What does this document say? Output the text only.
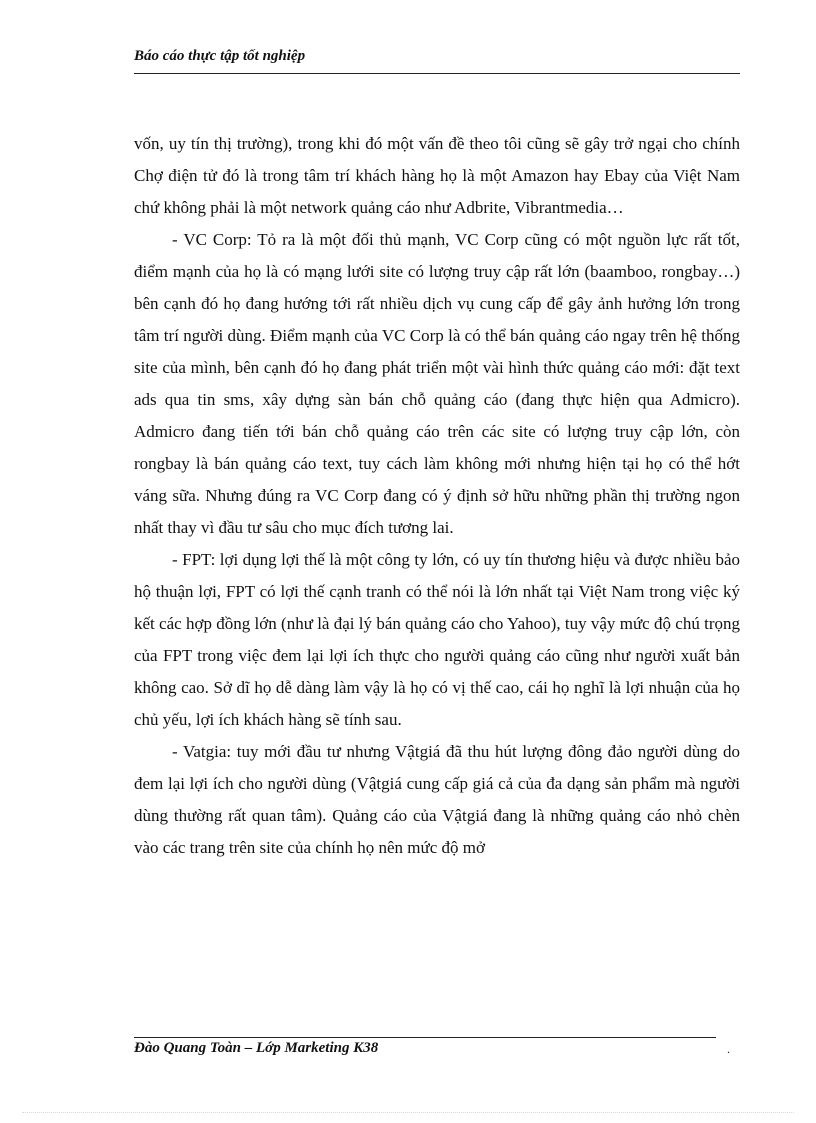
Báo cáo thực tập tốt nghiệp

vốn, uy tín thị trường), trong khi đó một vấn đề theo tôi cũng sẽ gây trở ngại cho chính Chợ điện tử đó là trong tâm trí khách hàng họ là một Amazon hay Ebay của Việt Nam chứ không phải là một network quảng cáo như Adbrite, Vibrantmedia…

- VC Corp: Tỏ ra là một đối thủ mạnh, VC Corp cũng có một nguồn lực rất tốt, điểm mạnh của họ là có mạng lưới site có lượng truy cập rất lớn (baamboo, rongbay…) bên cạnh đó họ đang hướng tới rất nhiều dịch vụ cung cấp để gây ảnh hưởng lớn trong tâm trí người dùng. Điểm mạnh của VC Corp là có thể bán quảng cáo ngay trên hệ thống site của mình, bên cạnh đó họ đang phát triển một vài hình thức quảng cáo mới: đặt text ads qua tin sms, xây dựng sàn bán chỗ quảng cáo (đang thực hiện qua Admicro). Admicro đang tiến tới bán chỗ quảng cáo trên các site có lượng truy cập lớn, còn rongbay là bán quảng cáo text, tuy cách làm không mới nhưng hiện tại họ có thể hớt váng sữa. Nhưng đúng ra VC Corp đang có ý định sở hữu những phần thị trường ngon nhất thay vì đầu tư sâu cho mục đích tương lai.

- FPT: lợi dụng lợi thế là một công ty lớn, có uy tín thương hiệu và được nhiều bảo hộ thuận lợi, FPT có lợi thế cạnh tranh có thể nói là lớn nhất tại Việt Nam trong việc ký kết các hợp đồng lớn (như là đại lý bán quảng cáo cho Yahoo), tuy vậy mức độ chú trọng của FPT trong việc đem lại lợi ích thực cho người quảng cáo cũng như người xuất bản không cao. Sở dĩ họ dễ dàng làm vậy là họ có vị thế cao, cái họ nghĩ là lợi nhuận của họ chủ yếu, lợi ích khách hàng sẽ tính sau.

- Vatgia: tuy mới đầu tư nhưng Vậtgiá đã thu hút lượng đông đảo người dùng do đem lại lợi ích cho người dùng (Vậtgiá cung cấp giá cả của đa dạng sản phẩm mà người dùng thường rất quan tâm). Quảng cáo của Vậtgiá đang là những quảng cáo nhỏ chèn vào các trang trên site của chính họ nên mức độ mở

Đào Quang Toàn – Lớp Marketing K38	.
